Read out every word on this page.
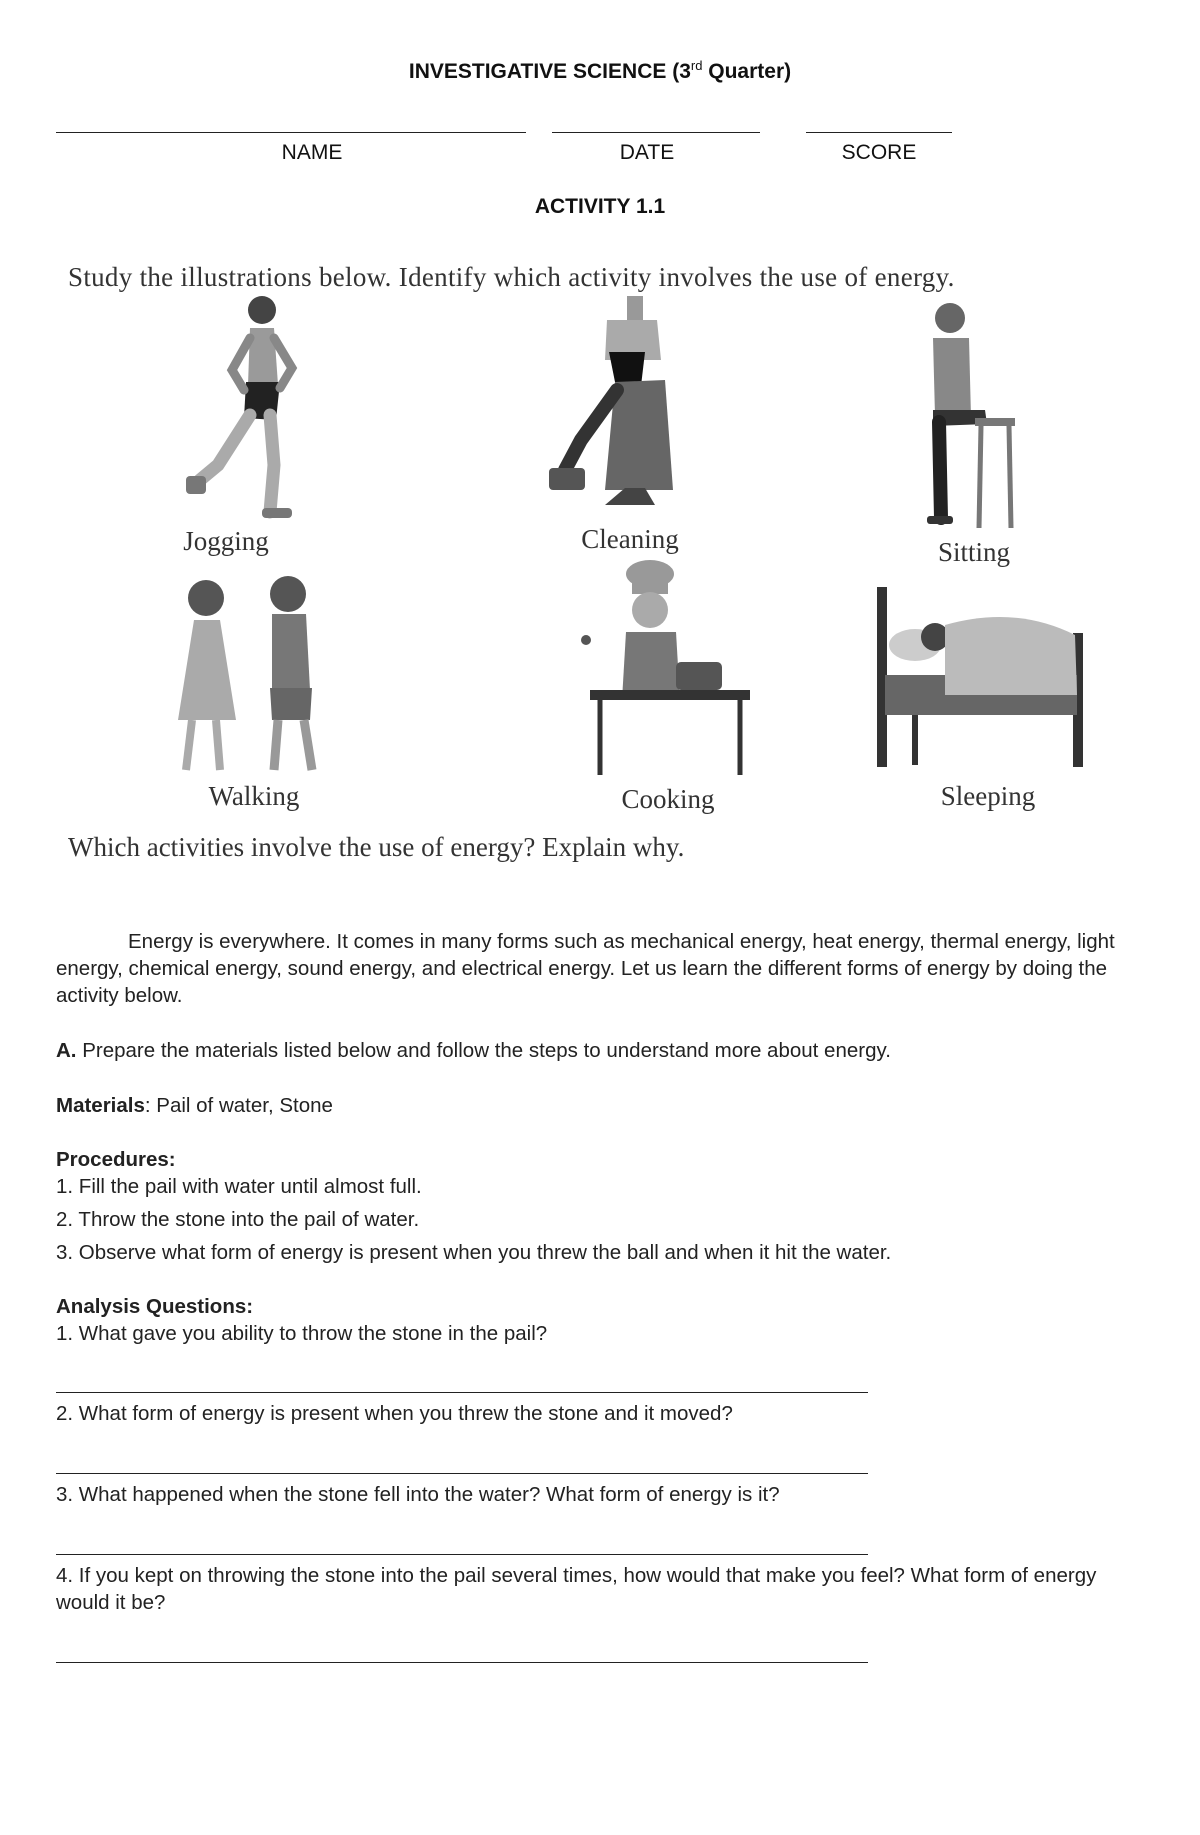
INVESTIGATIVE SCIENCE (3rd Quarter)
NAME	DATE	SCORE
ACTIVITY 1.1
Study the illustrations below. Identify which activity involves the use of energy.
Jogging	Cleaning	Sitting
Walking	Cooking	Sleeping
Which activities involve the use of energy? Explain why.
Energy is everywhere. It comes in many forms such as mechanical energy, heat energy, thermal energy, light energy, chemical energy, sound energy, and electrical energy. Let us learn the different forms of energy by doing the activity below.
A. Prepare the materials listed below and follow the steps to understand more about energy.
Materials: Pail of water, Stone
Procedures:
1. Fill the pail with water until almost full.
2. Throw the stone into the pail of water.
3. Observe what form of energy is present when you threw the ball and when it hit the water.
Analysis Questions:
1. What gave you ability to throw the stone in the pail?
2. What form of energy is present when you threw the stone and it moved?
3. What happened when the stone fell into the water? What form of energy is it?
4. If you kept on throwing the stone into the pail several times, how would that make you feel? What form of energy would it be?
